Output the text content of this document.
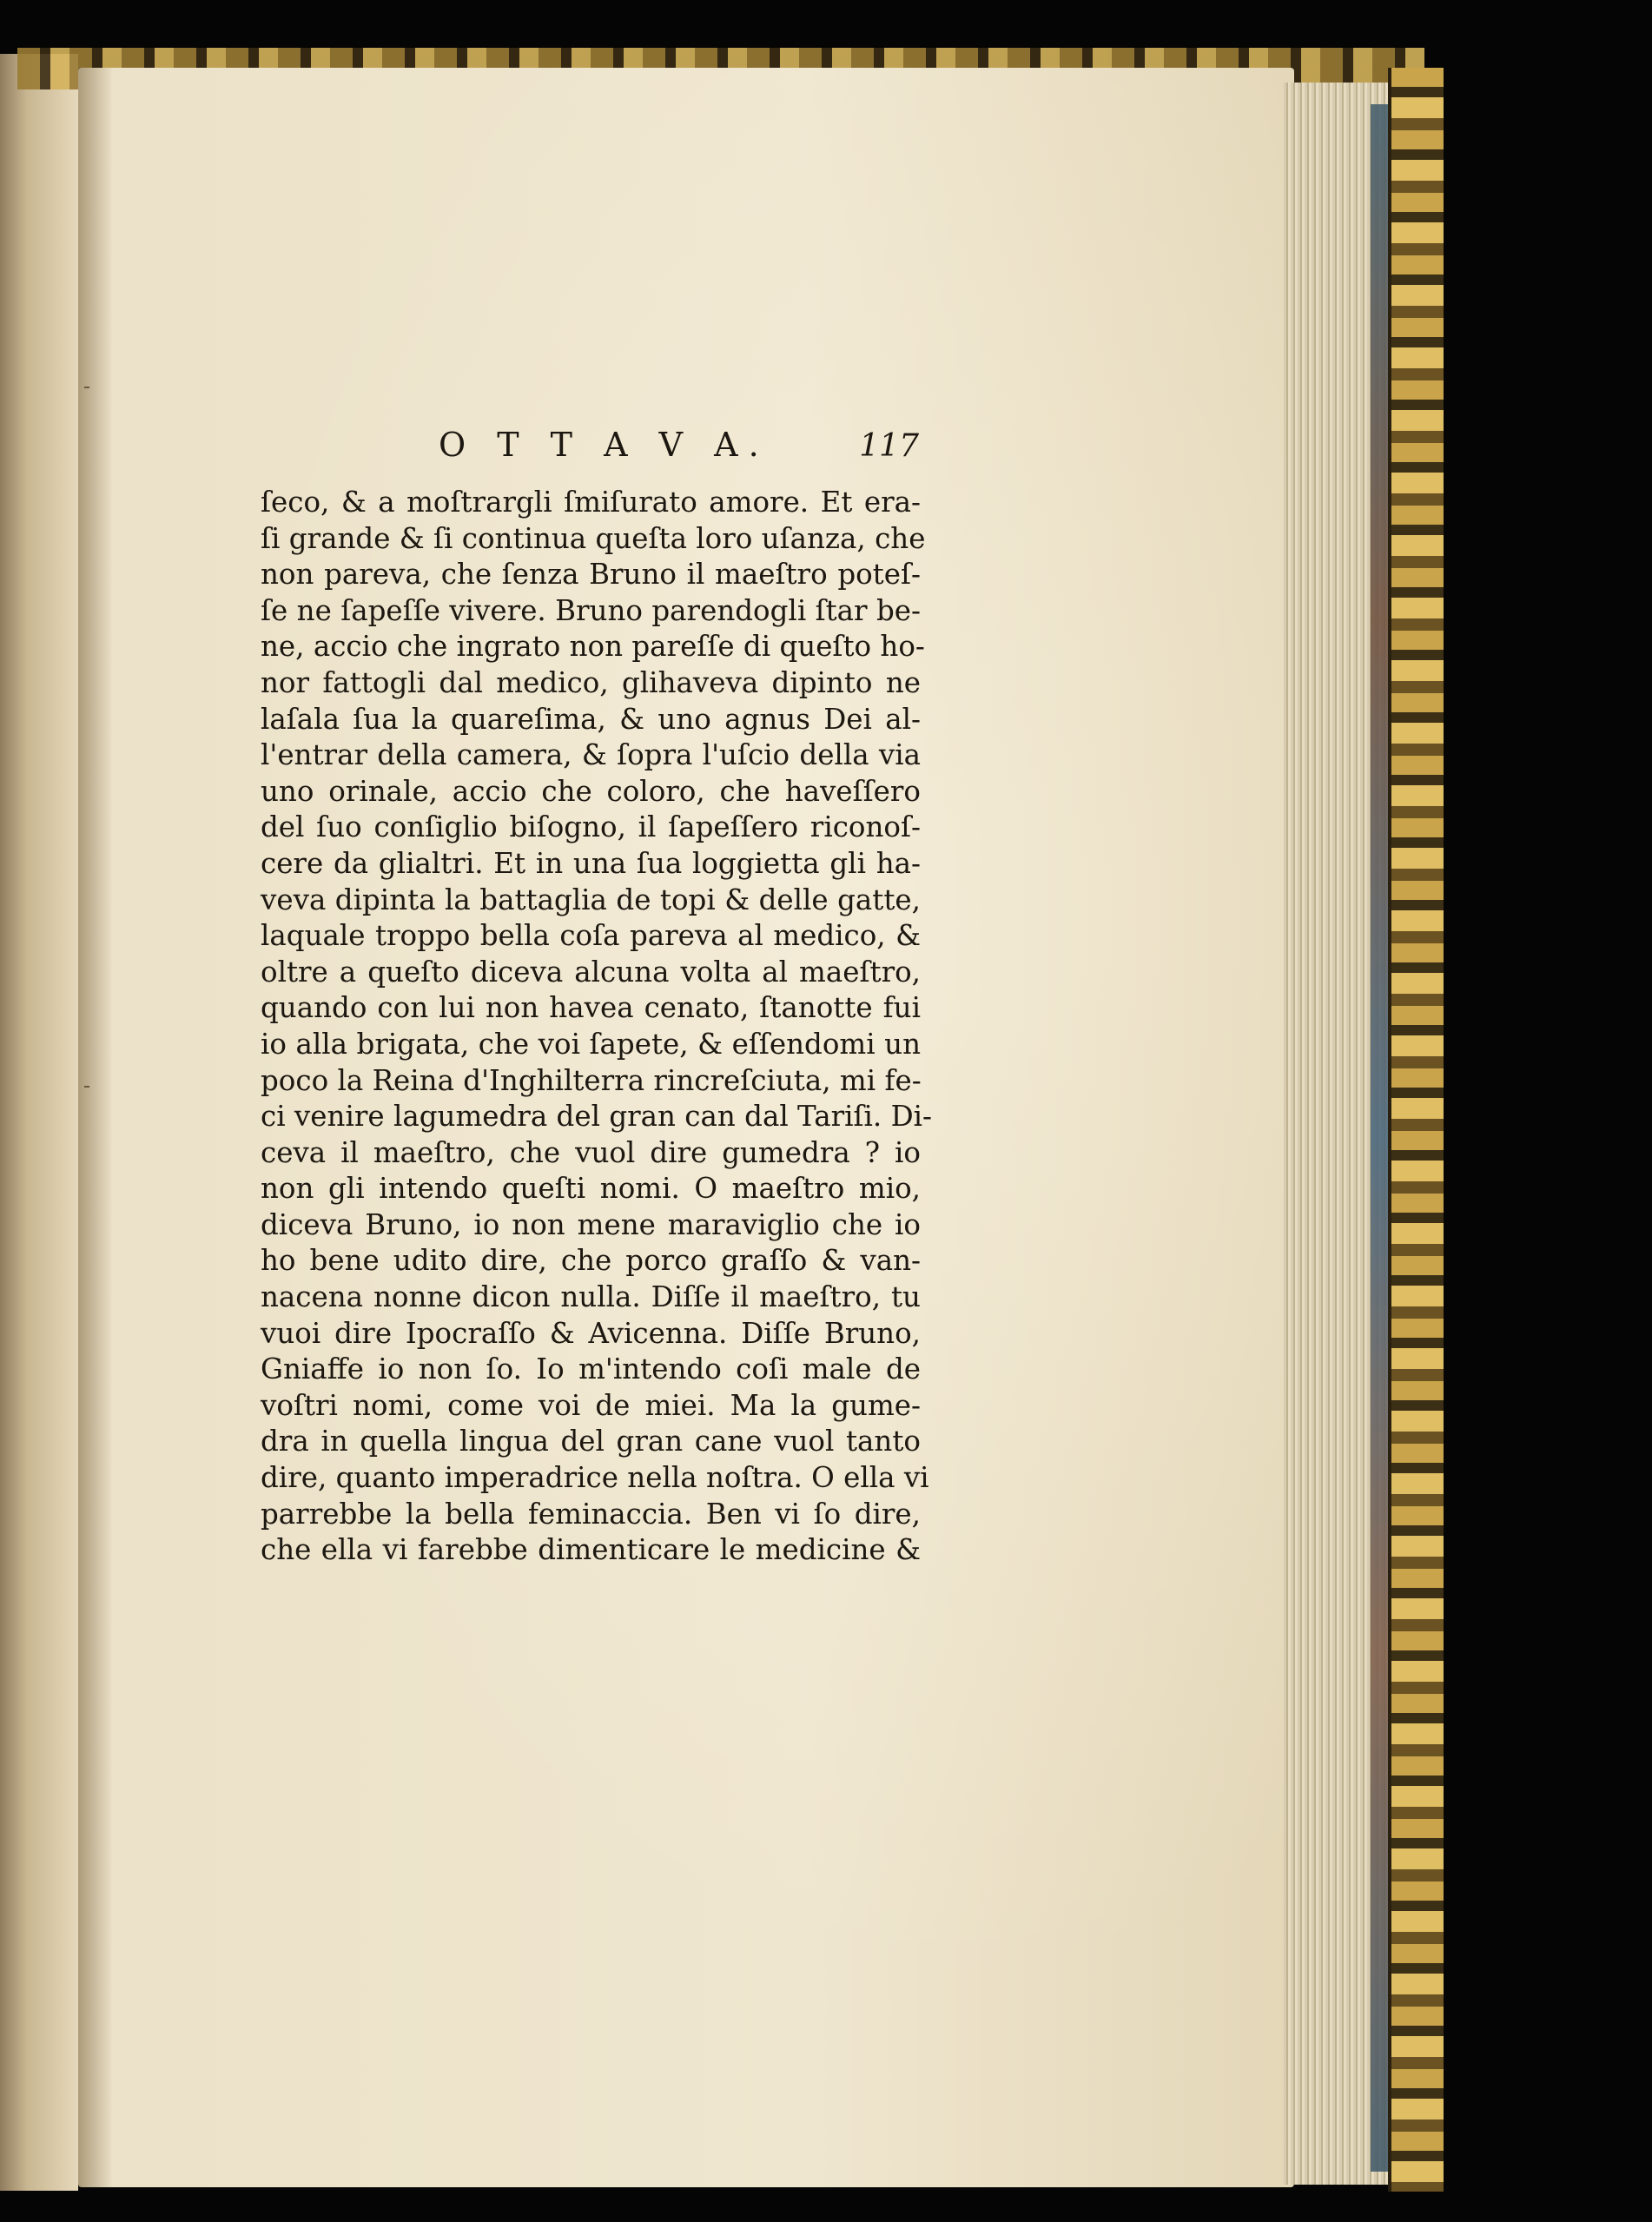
O T T A V A.	117
ſeco, & a moſtrargli ſmiſurato amore. Et era-
ſi grande & ſi continua queſta loro uſanza, che
non pareva, che ſenza Bruno il maeſtro poteſ-
ſe ne ſapeſſe vivere. Bruno parendogli ſtar be-
ne, accio che ingrato non pareſſe di queſto ho-
nor fattogli dal medico, glihaveva dipinto ne
laſala ſua la quareſima, & uno agnus Dei al-
l'entrar della camera, & ſopra l'uſcio della via
uno orinale, accio che coloro, che haveſſero
del ſuo conſiglio biſogno, il ſapeſſero riconoſ-
cere da glialtri. Et in una ſua loggietta gli ha-
veva dipinta la battaglia de topi & delle gatte,
laquale troppo bella coſa pareva al medico, &
oltre a queſto diceva alcuna volta al maeſtro,
quando con lui non havea cenato, ſtanotte fui
io alla brigata, che voi ſapete, & eſſendomi un
poco la Reina d'Inghilterra rincreſciuta, mi fe-
ci venire lagumedra del gran can dal Tariſi. Di-
ceva il maeſtro, che vuol dire gumedra ? io
non gli intendo queſti nomi. O maeſtro mio,
diceva Bruno, io non mene maraviglio che io
ho bene udito dire, che porco graſſo & van-
nacena nonne dicon nulla. Diſſe il maeſtro, tu
vuoi dire Ipocraſſo & Avicenna. Diſſe Bruno,
Gniaffe io non ſo. Io m'intendo coſi male de
voſtri nomi, come voi de miei. Ma la gume-
dra in quella lingua del gran cane vuol tanto
dire, quanto imperadrice nella noſtra. O ella vi
parrebbe la bella feminaccia. Ben vi ſo dire,
che ella vi farebbe dimenticare le medicine &
